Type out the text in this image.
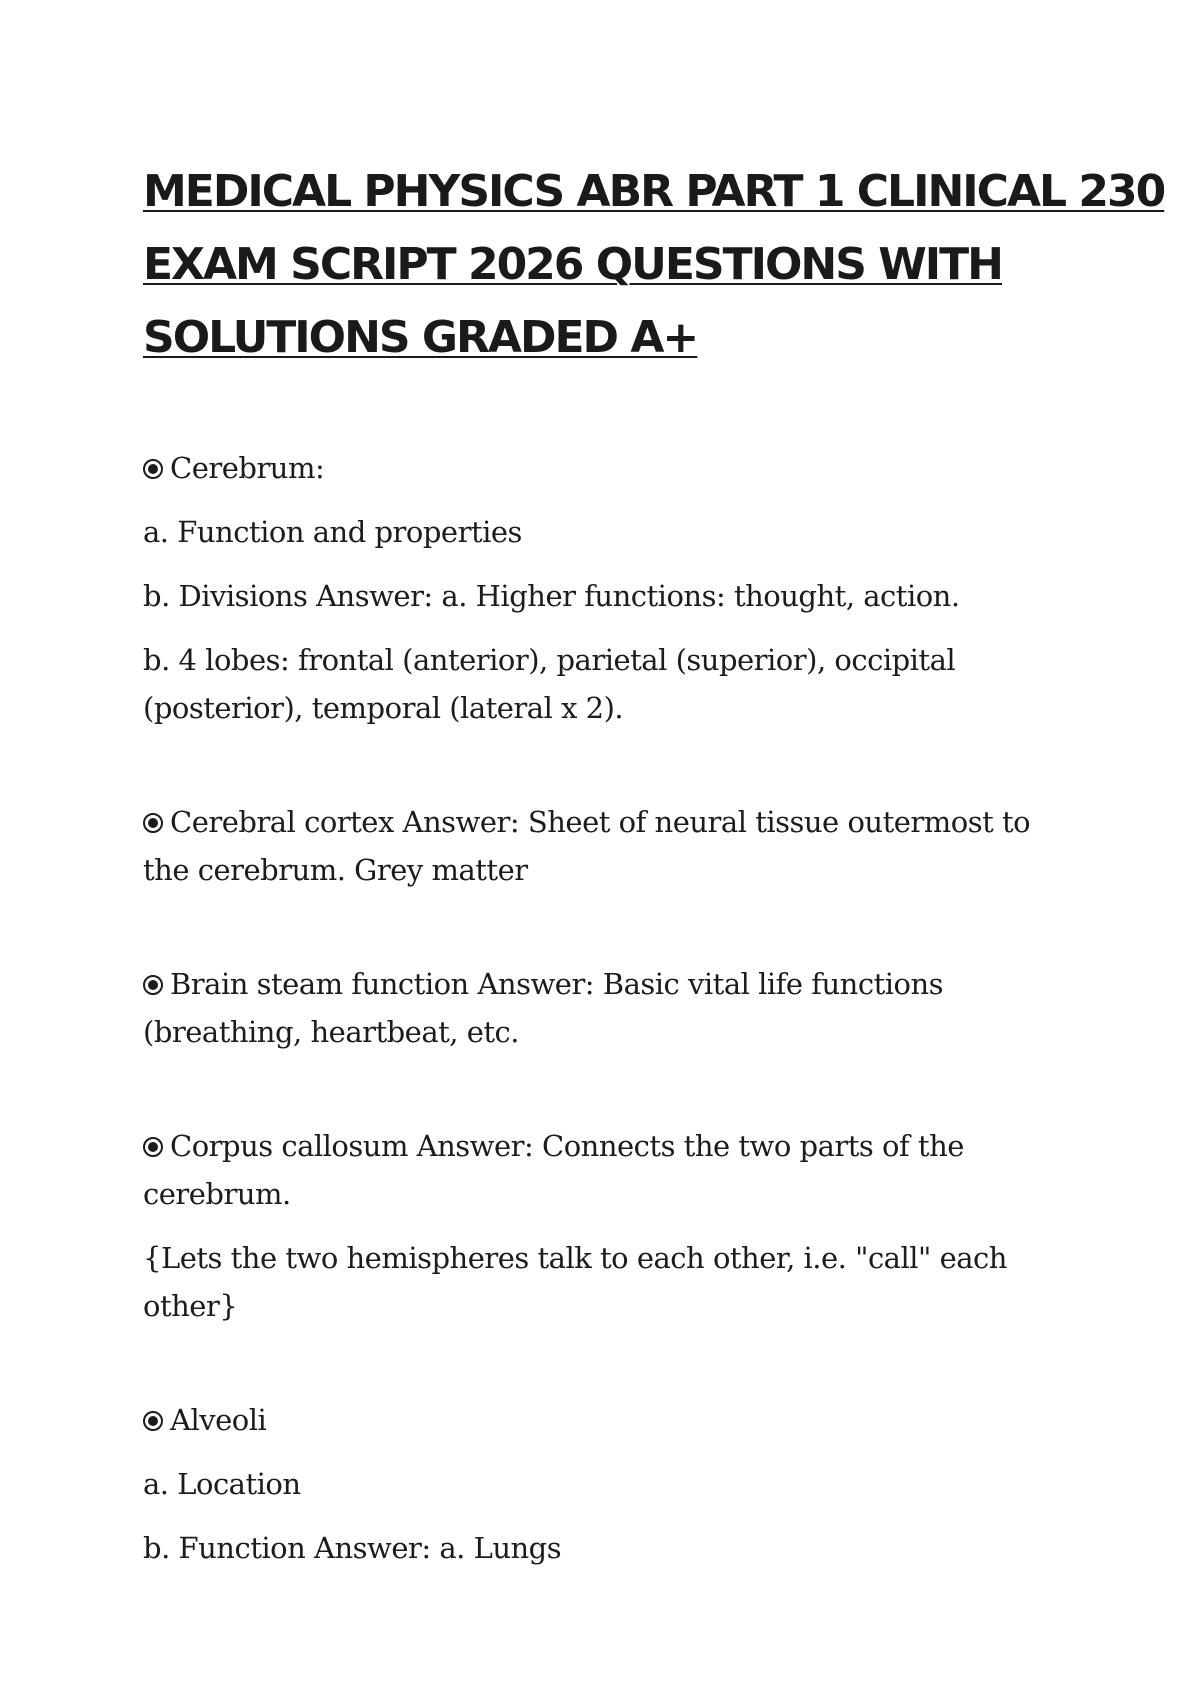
MEDICAL PHYSICS ABR PART 1 CLINICAL 230
EXAM SCRIPT 2026 QUESTIONS WITH
SOLUTIONS GRADED A+

Cerebrum:

a. Function and properties

b. Divisions Answer: a. Higher functions: thought, action.

b. 4 lobes: frontal (anterior), parietal (superior), occipital (posterior), temporal (lateral x 2).

Cerebral cortex Answer: Sheet of neural tissue outermost to the cerebrum. Grey matter

Brain steam function Answer: Basic vital life functions (breathing, heartbeat, etc.

Corpus callosum Answer: Connects the two parts of the cerebrum.

{Lets the two hemispheres talk to each other, i.e. "call" each other}

Alveoli

a. Location

b. Function Answer: a. Lungs
